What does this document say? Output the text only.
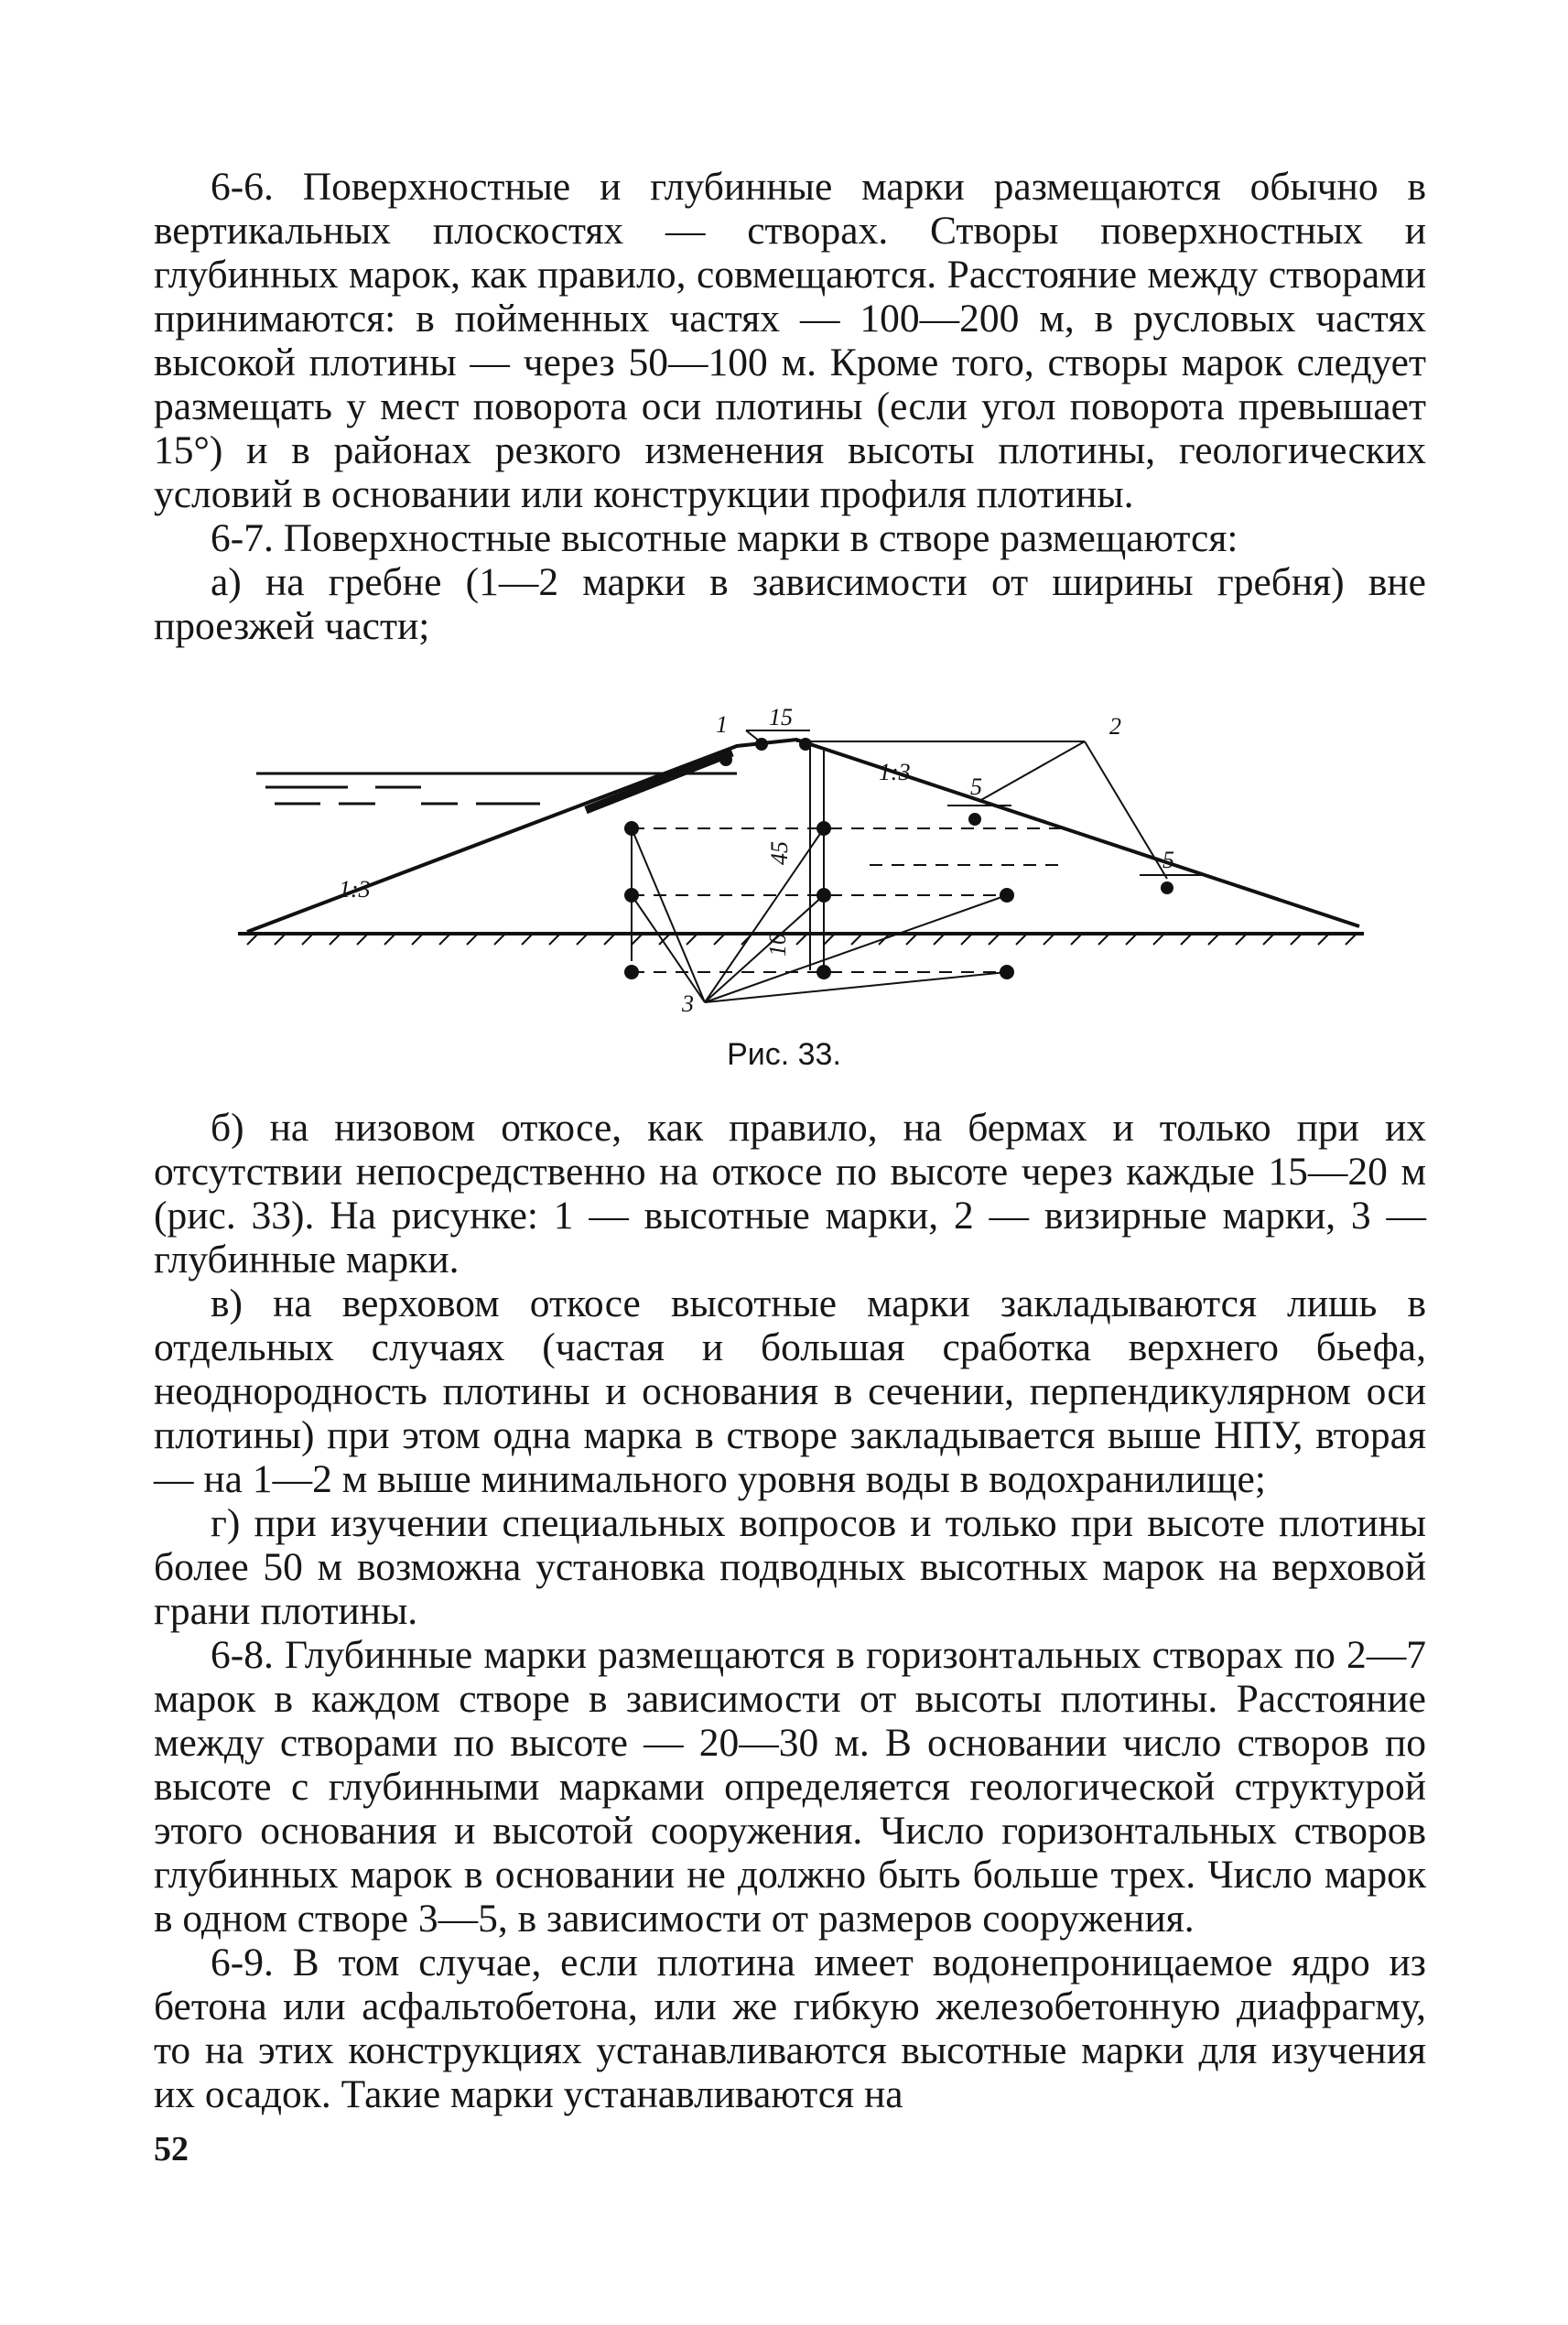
6-6. Поверхностные и глубинные марки размещаются обычно в вертикальных плоскостях — створах. Створы поверхностных и глубинных марок, как правило, совмещаются. Расстояние между створами принимаются: в пойменных частях — 100—200 м, в русловых частях высокой плотины — через 50—100 м. Кроме того, створы марок следует размещать у мест поворота оси плотины (если угол поворота превышает 15°) и в районах резкого изменения высоты плотины, геологических условий в основании или конструкции профиля плотины.

6-7. Поверхностные высотные марки в створе размещаются:

а) на гребне (1—2 марки в зависимости от ширины гребня) вне проезжей части;

1 15	2
5
5
1:3
1:3
45
10
3
Рис. 33.

б) на низовом откосе, как правило, на бермах и только при их отсутствии непосредственно на откосе по высоте через каждые 15—20 м (рис. 33). На рисунке: 1 — высотные марки, 2 — визирные марки, 3 — глубинные марки.

в) на верховом откосе высотные марки закладываются лишь в отдельных случаях (частая и большая сработка верхнего бьефа, неоднородность плотины и основания в сечении, перпендикулярном оси плотины) при этом одна марка в створе закладывается выше НПУ, вторая — на 1—2 м выше минимального уровня воды в водохранилище;

г) при изучении специальных вопросов и только при высоте плотины более 50 м возможна установка подводных высотных марок на верховой грани плотины.

6-8. Глубинные марки размещаются в горизонтальных створах по 2—7 марок в каждом створе в зависимости от высоты плотины. Расстояние между створами по высоте — 20—30 м. В основании число створов по высоте с глубинными марками определяется геологической структурой этого основания и высотой сооружения. Число горизонтальных створов глубинных марок в основании не должно быть больше трех. Число марок в одном створе 3—5, в зависимости от размеров сооружения.

6-9. В том случае, если плотина имеет водонепроницаемое ядро из бетона или асфальтобетона, или же гибкую железобетонную диафрагму, то на этих конструкциях устанавливаются высотные марки для изучения их осадок. Такие марки устанавливаются на

52
